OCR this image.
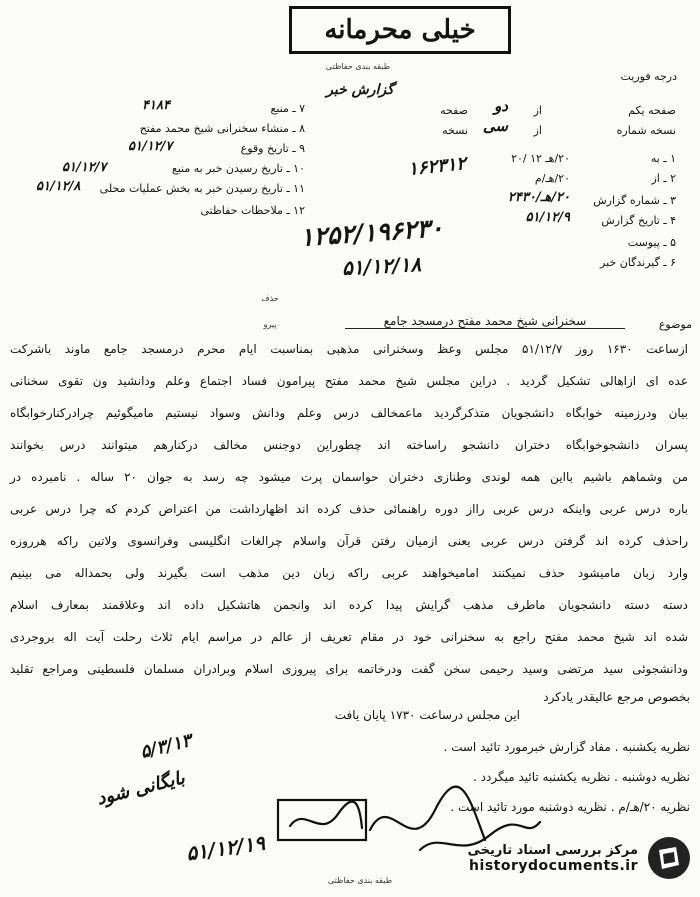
خیلی محرمانه
طبقه بندی حفاظتی
درجه فوریت
گزارش خبر
۷ ـ منبع
۴۱۸۴
۸ ـ منشاء سخنرانی شیخ محمد مفتح
۹ ـ تاریخ وقوع
۵۱/۱۲/۷
۱۰ ـ تاریخ رسیدن خبر به منبع
۵۱/۱۲/۷
۱۱ ـ تاریخ رسیدن خبر به بخش عملیات محلی
۵۱/۱۲/۸
۱۲ ـ ملاحظات حفاظتی
صفحه یکم
از
دو
صفحه
نسخه شماره
از
سی
نسخه
۱ ـ به
۲۰/هـ ۱۲ /۲۰
۲ ـ از
۲۰/هـ/م
۳ ـ شماره گزارش
۲۰/هـ/۲۴۳۰
۴ ـ تاریخ گزارش
۵۱/۱۲/۹
۵ ـ پیوست
۶ ـ گیرندگان خبر
۱۶۲۳۱۲
۱۲۵۲/۱۹۶۲۳۰
۵۱/۱۲/۱۸
حذف
پیرو	موضوع
سخنرانی شیخ محمد مفتح درمسجد جامع
ازساعت ۱۶۳۰ روز ۵۱/۱۲/۷ مجلس وعظ وسخنرانی مذهبی بمناسبت ایام محرم درمسجد جامع ماوند باشرکت
عده ای ازاهالی تشکیل گردید . دراین مجلس شیخ محمد مفتح پیرامون فساد اجتماع وعلم ودانشید ون تقوی سخنانی
بیان ودرزمینه خوابگاه دانشجویان متذکرگردید ماعمخالف درس وعلم ودانش وسواد نیستیم مامیگوئیم چرادرکنارخوابگاه
پسران دانشجوخوابگاه دختران دانشجو راساخته اند چطوراین دوجنس مخالف درکنارهم میتوانند درس بخوانند
من وشماهم باشیم بااین همه لوندی وطنازی دختران حواسمان پرت میشود چه رسد به جوان ۲۰ ساله . نامبرده در
باره درس عربی واینکه درس عربی رااز دوره راهنمائی حذف کرده اند اظهارداشت من اعتراض کردم که چرا درس عربی
راحذف کرده اند گرفتن درس عربی یعنی ازمیان رفتن قرآن واسلام چرالغات انگلیسی وفرانسوی ولاتین راکه هرروزه
وارد زبان مامیشود حذف نمیکنند امامیخواهند عربی راکه زبان دین مذهب است بگیرند ولی بحمداله می بینیم
دسته دسته دانشجویان ماطرف مذهب گرایش پیدا کرده اند وانجمن هاتشکیل داده اند وعلاقمند بمعارف اسلام
شده اند شیخ محمد مفتح راجع به سخنرانی خود در مقام تعریف از عالم در مراسم ایام ثلاث رحلت آیت اله بروجردی
ودانشجوئی سید مرتضی وسید رحیمی سخن گفت ودرخاتمه برای پیروزی اسلام وبرادران مسلمان فلسطینی ومراجع تقلید
بخصوص مرجع عالیقدر یادکرد
این مجلس درساعت ۱۷۳۰ پایان یافت
نظریه یکشنبه . مفاد گزارش خبرمورد تائید است .
نظریه دوشنبه . نظریه یکشنبه تائید میگردد .
نظریه ۲۰/هـ/م . نظریه دوشنبه مورد تائید است .
۵/۳/۱۳
بایگانی شود
۵۱/۱۲/۱۹
طبقه بندی حفاظتی
مرکز بررسی اسناد تاریخی
historydocuments.ir
